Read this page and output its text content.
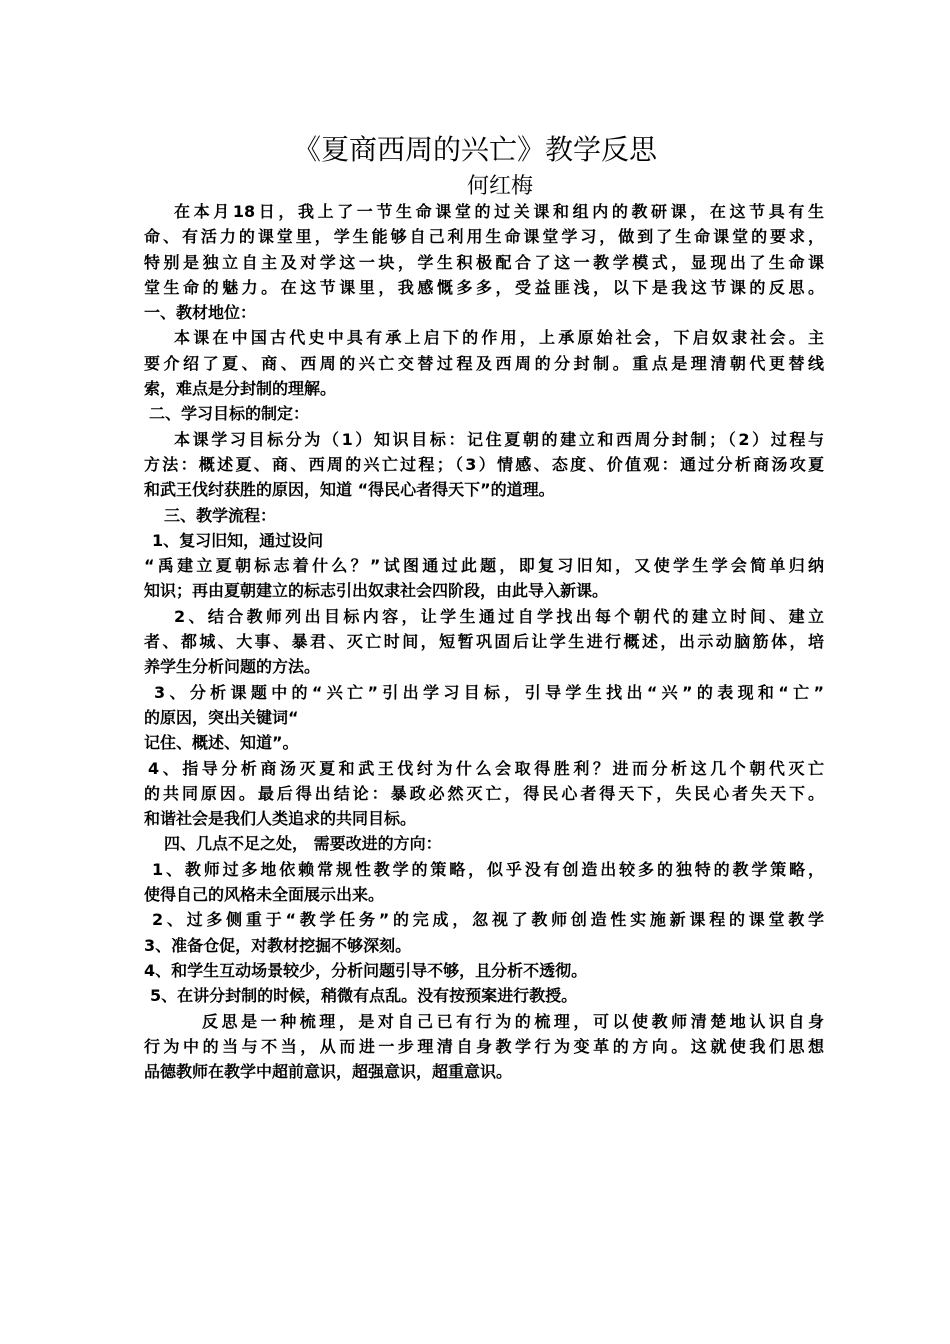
《夏商西周的兴亡》教学反思
何红梅
在本月18日，我上了一节生命课堂的过关课和组内的教研课，在这节具有生
命、有活力的课堂里，学生能够自己利用生命课堂学习，做到了生命课堂的要求，
特别是独立自主及对学这一块，学生积极配合了这一教学模式，显现出了生命课
堂生命的魅力。在这节课里，我感慨多多，受益匪浅，以下是我这节课的反思。
一、教材地位：
本课在中国古代史中具有承上启下的作用，上承原始社会，下启奴隶社会。主
要介绍了夏、商、西周的兴亡交替过程及西周的分封制。重点是理清朝代更替线
索，难点是分封制的理解。
二、学习目标的制定：
本课学习目标分为（1）知识目标：记住夏朝的建立和西周分封制；（2）过程与
方法：概述夏、商、西周的兴亡过程；（3）情感、态度、价值观：通过分析商汤攻夏
和武王伐纣获胜的原因，知道 “得民心者得天下”的道理。
三、教学流程：
1、复习旧知，通过设问
“禹建立夏朝标志着什么？”试图通过此题，即复习旧知，又使学生学会简单归纳
知识；再由夏朝建立的标志引出奴隶社会四阶段，由此导入新课。
2、结合教师列出目标内容，让学生通过自学找出每个朝代的建立时间、建立
者、都城、大事、暴君、灭亡时间，短暂巩固后让学生进行概述，出示动脑筋体，培
养学生分析问题的方法。
3、分析课题中的“兴亡”引出学习目标，引导学生找出“兴”的表现和“亡”
的原因，突出关键词“
记住、概述、知道”。
4、指导分析商汤灭夏和武王伐纣为什么会取得胜利？进而分析这几个朝代灭亡
的共同原因。最后得出结论：暴政必然灭亡，得民心者得天下，失民心者失天下。
和谐社会是我们人类追求的共同目标。
四、几点不足之处， 需要改进的方向：
1、教师过多地依赖常规性教学的策略，似乎没有创造出较多的独特的教学策略，
使得自己的风格未全面展示出来。
2、过多侧重于“教学任务”的完成，忽视了教师创造性实施新课程的课堂教学
3、准备仓促，对教材挖掘不够深刻。
4、和学生互动场景较少，分析问题引导不够，且分析不透彻。
5、在讲分封制的时候，稍微有点乱。没有按预案进行教授。
反思是一种梳理，是对自己已有行为的梳理，可以使教师清楚地认识自身
行为中的当与不当，从而进一步理清自身教学行为变革的方向。这就使我们思想
品德教师在教学中超前意识，超强意识，超重意识。
